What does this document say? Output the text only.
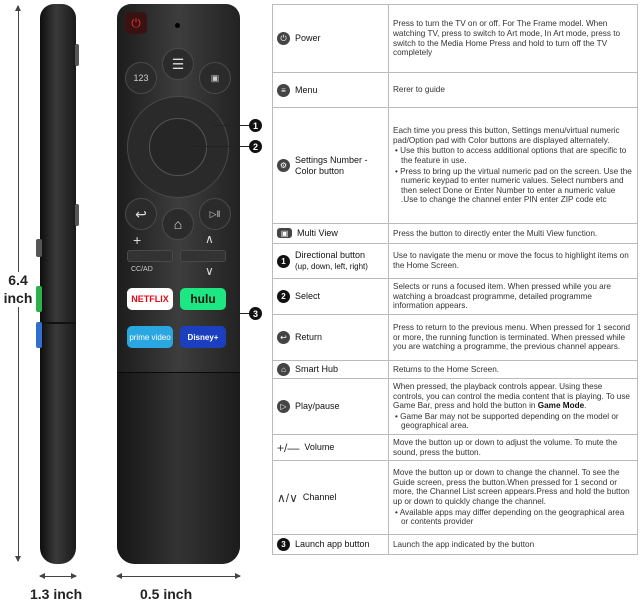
6.4
inch
1.3 inch	0.5 inch
⏻
123
☰
▣
↩
⌂
▷‖
+	∧
CC/AD	∨
NETFLIX	hulu
prime video	Disney+
1
2
3
⏻ Power	Press to turn the TV on or off. For The Frame model. When watching TV, press to switch to Art mode, In Art mode, press to switch to the Media Home Press and hold to turn off the TV completely

≡ Menu	Rerer to guide

⚙
Settings Number -Color button	Each time you press this button, Settings menu/virtual numeric pad/Option pad with Color buttons are displayed alternately.
• Use this button to access additional options that are specific to the feature in use.
• Press to bring up the virtual numeric pad on the screen. Use the numeric keypad to enter numeric values. Select numbers and then select Done or Enter Number to enter a numeric value .Use to change the channel enter PIN enter ZIP code etc

▣ Multi View	Press the button to directly enter the Multi View function.

1
Directional button
(up, down, left, right)	Use to navigate the menu or move the focus to highlight items on the Home Screen.

2 Select	Selects or runs a focused item. When pressed while you are watching a broadcast programme, detailed programme information appears.

↩ Return	Press to return to the previous menu. When pressed for 1 second or more, the running function is terminated. When pressed while you are watching a programme, the previous channel appears.

⌂ Smart Hub	Returns to the Home Screen.

▷ Play/pause	When pressed, the playback controls appear. Using these controls, you can control the media content that is playing. To use Game Bar, press and hold the button in Game Mode.
• Game Bar may not be supported depending on the model or geographical area.

+/— Volume	Move the button up or down to adjust the volume. To mute the sound, press the button.

∧/∨ Channel	Move the button up or down to change the channel. To see the Guide screen, press the button.When pressed for 1 second or more, the Channel List screen appears.Press and hold the button up or down to quickly change the channel.
• Available apps may differ depending on the geographical area or contents provider

3 Launch app button	Launch the app indicated by the button
